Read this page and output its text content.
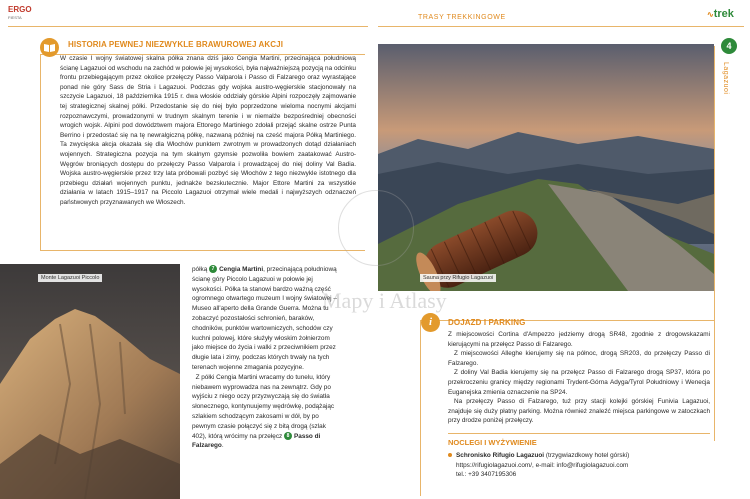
ERGO
FIESTA	TRASY TREKKINGOWE	∿trek
4
Lagazuoi
HISTORIA PEWNEJ NIEZWYKLE BRAWUROWEJ AKCJI
W czasie I wojny światowej skalna półka znana dziś jako Cengia Martini, przecinająca południową ścianę Lagazuoi od wschodu na zachód w połowie jej wysokości, była najważniejszą pozycją na odcinku frontu przebiegającym przez okolice przełęczy Passo Valparola i Passo di Falzarego oraz wyrastające ponad nie góry Sass de Stria i Lagazuoi. Podczas gdy wojska austro-węgierskie stacjonowały na szczycie Lagazuoi, 18 października 1915 r. dwa włoskie oddziały górskie Alpini rozpoczęły zajmowanie tej strategicznej skalnej półki. Przedostanie się do niej było poprzedzone wieloma nocnymi akcjami rozpoznawczymi, prowadzonymi w trudnym skalnym terenie i w niemalże bezpośredniej obecności wrogich wojsk. Alpini pod dowództwem majora Ettorego Martiniego zdołali przejąć skalne ostrze Punta Berrino i przedostać się na tę newralgiczną półkę, nazwaną później na cześć majora Półką Martiniego. Ta zwycięska akcja okazała się dla Włochów punktem zwrotnym w prowadzonych dotąd działaniach wojennych. Strategiczna pozycja na tym skalnym gzymsie pozwoliła bowiem zaatakować Austro-Węgrów broniących dostępu do przełęczy Passo Valparola i prowadzącej do niej doliny Val Badia. Wojska austro-węgierskie przez trzy lata próbowali pozbyć się Włochów z tego niezwykle istotnego dla przebiegu działań wojennych punktu, jednakże bezskutecznie. Major Ettore Martini za wszystkie działania w latach 1915–1917 na Piccolo Lagazuoi otrzymał wiele medali i najwyższych odznaczeń państwowych przyznawanych we Włoszech.
Monte Lagazuoi Piccolo	Sauna przy Rifugio Lagazuoi
półką 7 Cengia Martini, przecinającą południową ścianę góry Piccolo Lagazuoi w połowie jej wysokości. Półka ta stanowi bardzo ważną część ogromnego otwartego muzeum I wojny światowej – Museo all'aperto della Grande Guerra. Można tu zobaczyć pozostałości schronień, baraków, chodników, punktów wartowniczych, schodów czy kuchni polowej, które służyły włoskim żołnierzom jako miejsce do życia i walki z przeciwnikiem przez długie lata i zimy, podczas których trwały na tych terenach wojenne zmagania pozycyjne.
Z półki Cengia Martini wracamy do tunelu, który niebawem wyprowadza nas na zewnątrz. Gdy po wyjściu z niego oczy przyzwyczają się do światła słonecznego, kontynuujemy wędrówkę, podążając szlakiem schodzącym zakosami w dół, by po pewnym czasie połączyć się z bitą drogą (szlak 402), którą wrócimy na przełęcz 8 Passo di Falzarego.
i	DOJAZD I PARKING
Z miejscowości Cortina d'Ampezzo jedziemy drogą SR48, zgodnie z drogowskazami kierującymi na przełęcz Passo di Falzarego.
Z miejscowości Alleghe kierujemy się na północ, drogą SR203, do przełęczy Passo di Falzarego.
Z doliny Val Badia kierujemy się na przełęcz Passo di Falzarego drogą SP37, która po przekroczeniu granicy między regionami Trydent-Górna Adyga/Tyrol Południowy i Wenecja Euganejska zmienia oznaczenie na SP24.
Na przełęczy Passo di Falzarego, tuż przy stacji kolejki górskiej Funivia Lagazuoi, znajduje się duży płatny parking. Można również znaleźć miejsca parkingowe w zatoczkach przy drodze poniżej przełęczy.
NOCLEGI I WYŻYWIENIE
Schronisko Rifugio Lagazuoi (trzygwiazdkowy hotel górski)
https://rifugiolagazuoi.com/, e-mail: info@rifugiolagazuoi.com
tel.: +39 3407195306
Mapy i Atlasy
